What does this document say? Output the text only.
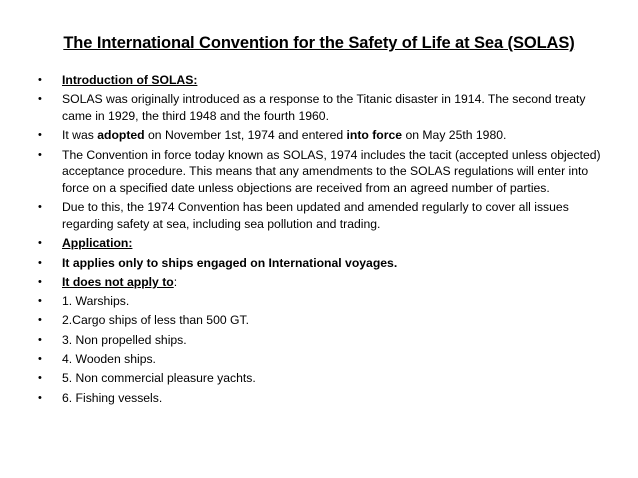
The International Convention for the Safety of Life at Sea (SOLAS)
• Introduction of SOLAS:
• SOLAS was originally introduced as a response to the Titanic disaster in 1914. The second treaty came in 1929, the third 1948 and the fourth 1960.
• It was adopted on November 1st, 1974 and entered into force on May 25th 1980.
• The Convention in force today known as SOLAS, 1974 includes the tacit (accepted unless objected) acceptance procedure. This means that any amendments to the SOLAS regulations will enter into force on a specified date unless objections are received from an agreed number of parties.
• Due to this, the 1974 Convention has been updated and amended regularly to cover all issues regarding safety at sea, including sea pollution and trading.
• Application:
• It applies only to ships engaged on International voyages.
• It does not apply to:
• 1. Warships.
• 2.Cargo ships of less than 500 GT.
• 3. Non propelled ships.
• 4. Wooden ships.
• 5. Non commercial pleasure yachts.
• 6. Fishing vessels.
